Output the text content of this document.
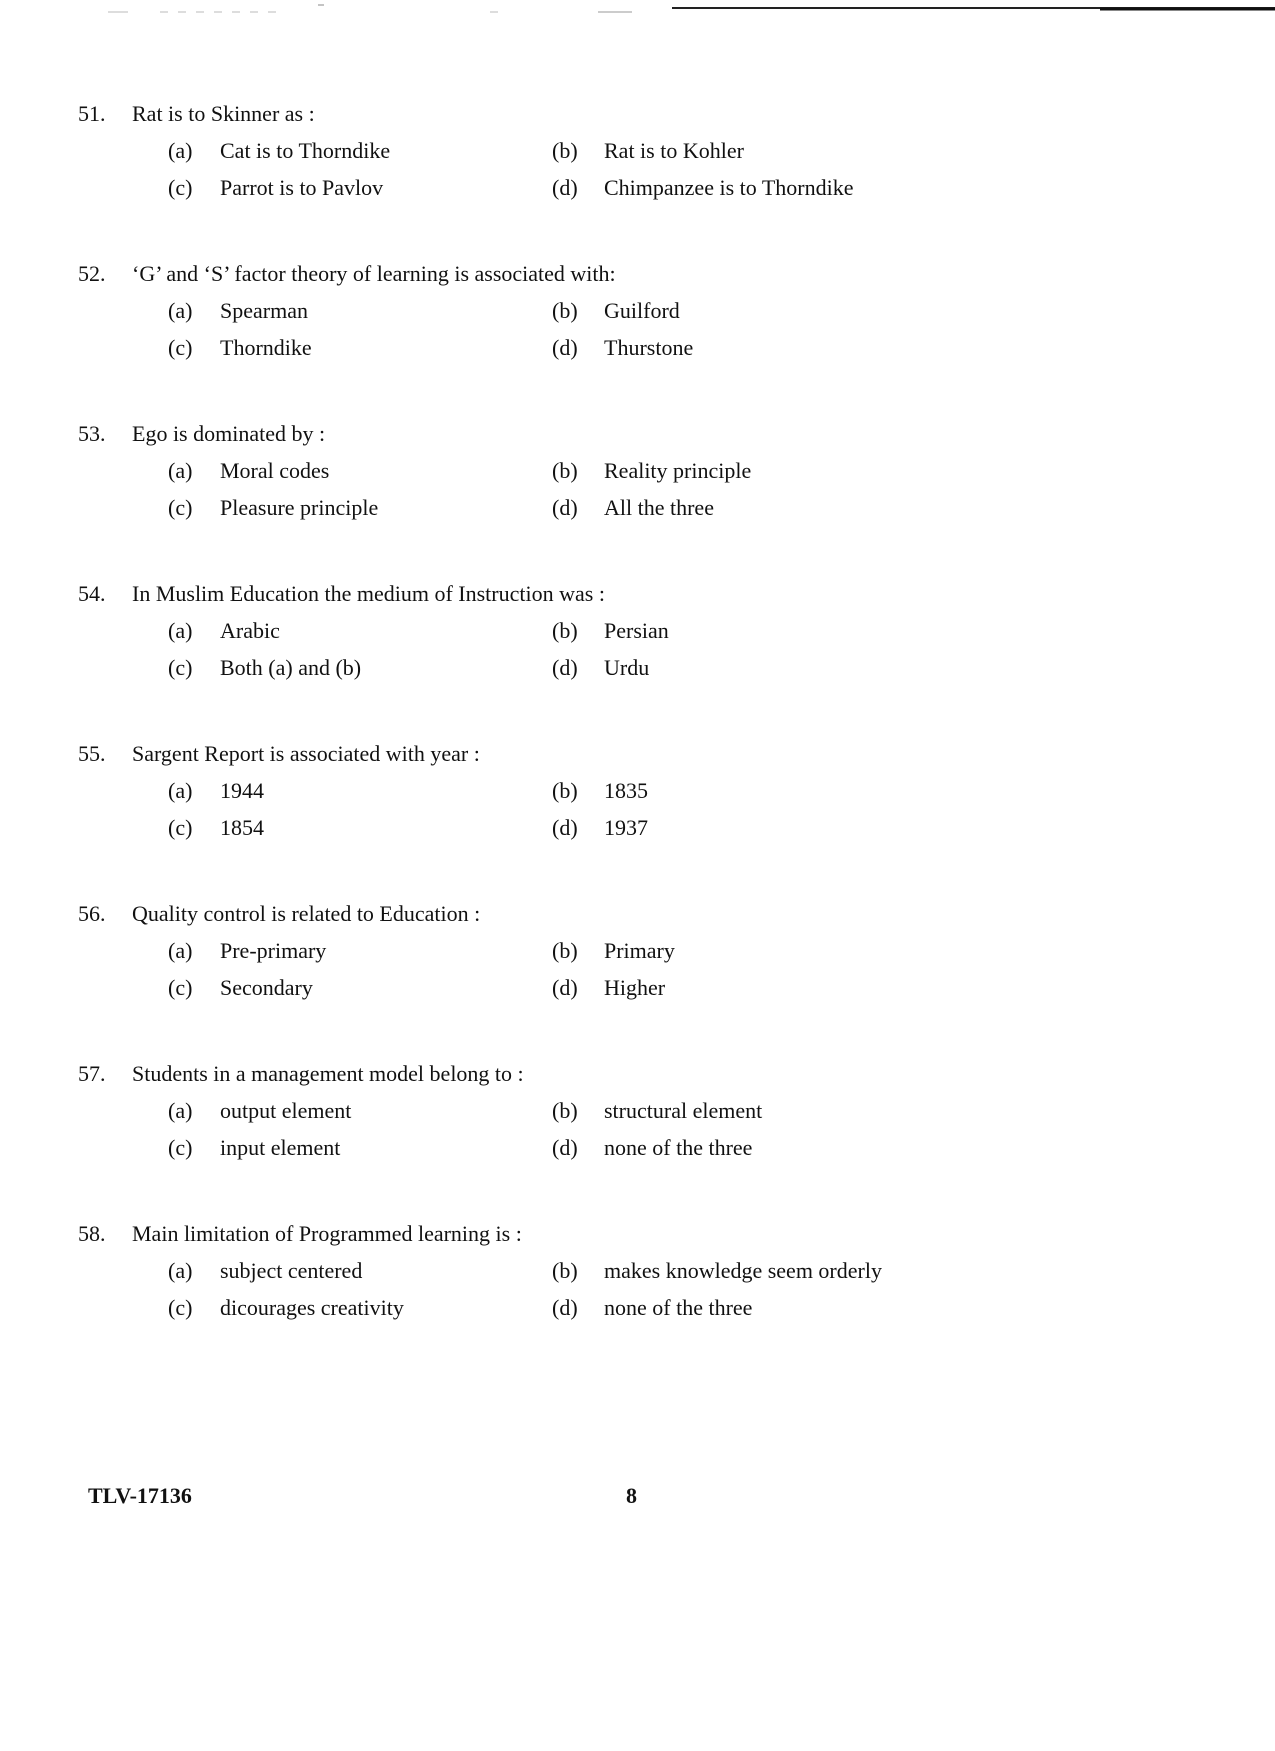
51. Rat is to Skinner as :
(a) Cat is to Thorndike	(b) Rat is to Kohler
(c) Parrot is to Pavlov	(d) Chimpanzee is to Thorndike
52. ‘G’ and ‘S’ factor theory of learning is associated with:
(a) Spearman	(b) Guilford
(c) Thorndike	(d) Thurstone
53. Ego is dominated by :
(a) Moral codes	(b) Reality principle
(c) Pleasure principle	(d) All the three
54. In Muslim Education the medium of Instruction was :
(a) Arabic	(b) Persian
(c) Both (a) and (b)	(d) Urdu
55. Sargent Report is associated with year :
(a) 1944	(b) 1835
(c) 1854	(d) 1937
56. Quality control is related to Education :
(a) Pre-primary	(b) Primary
(c) Secondary	(d) Higher
57. Students in a management model belong to :
(a) output element	(b) structural element
(c) input element	(d) none of the three
58. Main limitation of Programmed learning is :
(a) subject centered	(b) makes knowledge seem orderly
(c) dicourages creativity	(d) none of the three
TLV-17136	8
